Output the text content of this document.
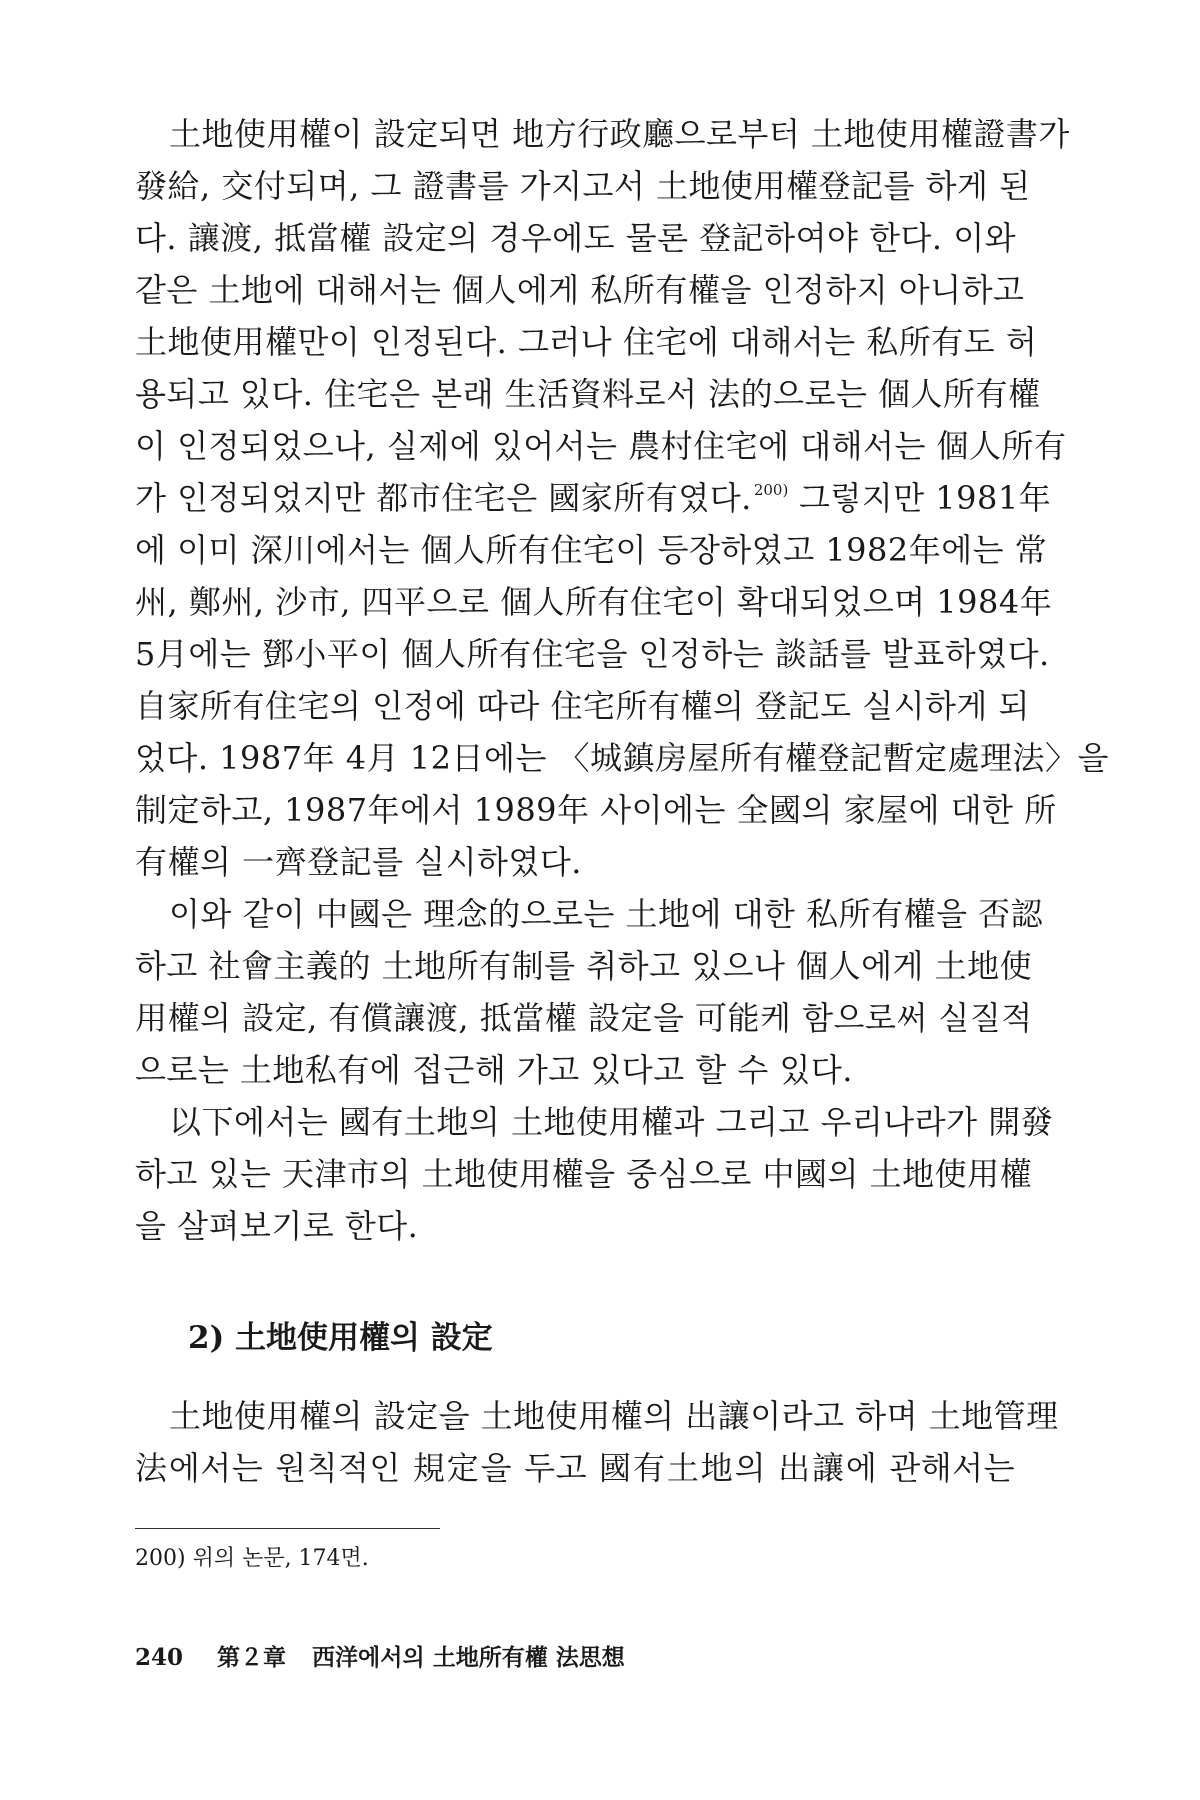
土地使用權이 設定되면 地方行政廳으로부터 土地使用權證書가
發給, 交付되며, 그 證書를 가지고서 土地使用權登記를 하게 된
다. 讓渡, 抵當權 設定의 경우에도 물론 登記하여야 한다. 이와
같은 土地에 대해서는 個人에게 私所有權을 인정하지 아니하고
土地使用權만이 인정된다. 그러나 住宅에 대해서는 私所有도 허
용되고 있다. 住宅은 본래 生活資料로서 法的으로는 個人所有權
이 인정되었으나, 실제에 있어서는 農村住宅에 대해서는 個人所有
가 인정되었지만 都市住宅은 國家所有였다. $^{200)}$ 그렇지만 1981年
에 이미 深川에서는 個人所有住宅이 등장하였고 1982年에는 常
州, 鄭州, 沙市, 四平으로 個人所有住宅이 확대되었으며 1984年
5月에는 鄧小平이 個人所有住宅을 인정하는 談話를 발표하였다.
自家所有住宅의 인정에 따라 住宅所有權의 登記도 실시하게 되
었다. 1987年 4月 12日에는 〈城鎮房屋所有權登記暫定處理法〉을
制定하고, 1987年에서 1989年 사이에는 全國의 家屋에 대한 所
有權의 一齊登記를 실시하였다.

이와 같이 中國은 理念的으로는 土地에 대한 私所有權을 否認
하고 社會主義的 土地所有制를 취하고 있으나 個人에게 土地使
用權의 設定, 有償讓渡, 抵當權 設定을 可能케 함으로써 실질적
으로는 土地私有에 접근해 가고 있다고 할 수 있다.

以下에서는 國有土地의 土地使用權과 그리고 우리나라가 開發
하고 있는 天津市의 土地使用權을 중심으로 中國의 土地使用權
을 살펴보기로 한다.

2) 土地使用權의 設定

土地使用權의 設定을 土地使用權의 出讓이라고 하며 土地管理
法에서는 원칙적인 規定을 두고 國有土地의 出讓에 관해서는

200) 위의 논문, 174면.
240 第２章 西洋에서의 土地所有權 法思想
